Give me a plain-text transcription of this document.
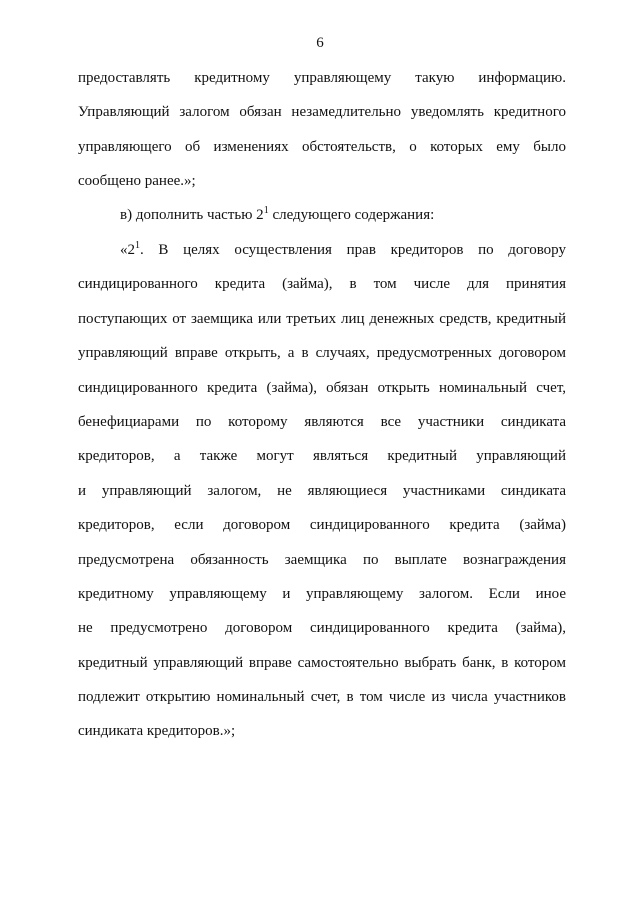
6
предоставлять кредитному управляющему такую информацию.
Управляющий залогом обязан незамедлительно уведомлять кредитного
управляющего об изменениях обстоятельств, о которых ему было
сообщено ранее.»;
в) дополнить частью $2^1$ следующего содержания:
«$2^1$. В целях осуществления прав кредиторов по договору
синдицированного кредита (займа), в том числе для принятия
поступающих от заемщика или третьих лиц денежных средств, кредитный
управляющий вправе открыть, а в случаях, предусмотренных договором
синдицированного кредита (займа), обязан открыть номинальный счет,
бенефициарами по которому являются все участники синдиката
кредиторов, а также могут являться кредитный управляющий
и управляющий залогом, не являющиеся участниками синдиката
кредиторов, если договором синдицированного кредита (займа)
предусмотрена обязанность заемщика по выплате вознаграждения
кредитному управляющему и управляющему залогом. Если иное
не предусмотрено договором синдицированного кредита (займа),
кредитный управляющий вправе самостоятельно выбрать банк, в котором
подлежит открытию номинальный счет, в том числе из числа участников
синдиката кредиторов.»;
